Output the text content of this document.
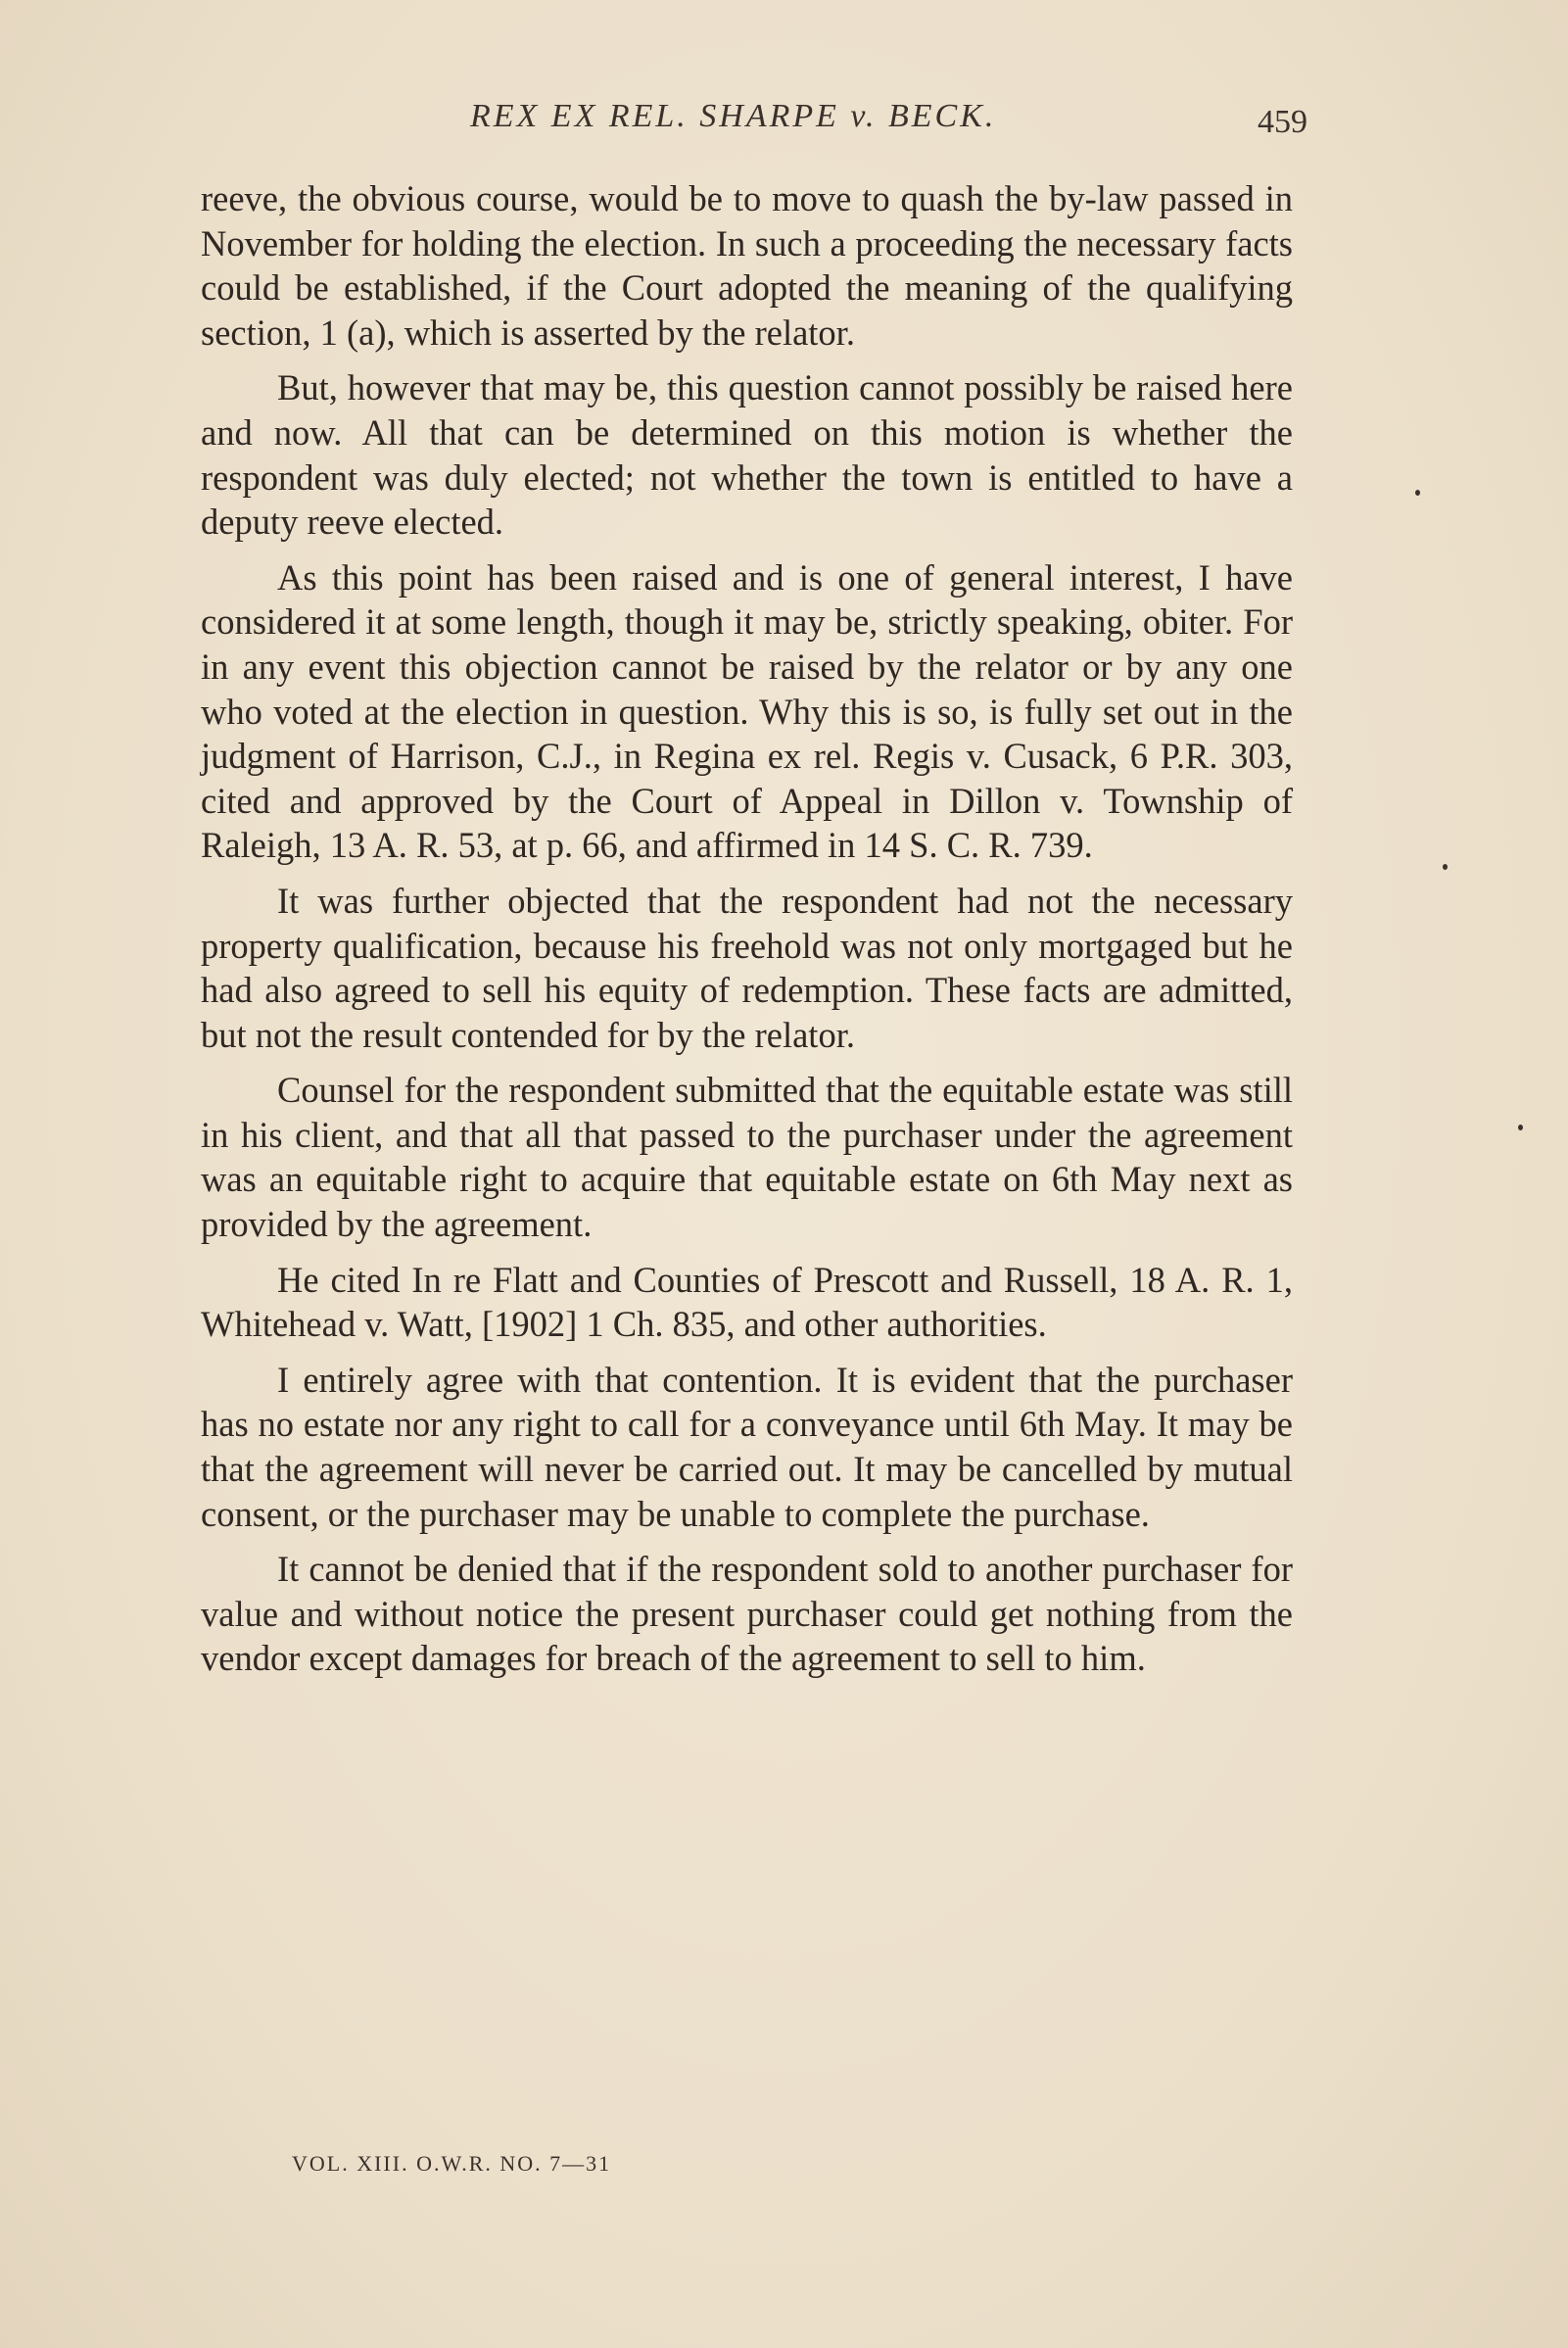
REX EX REL. SHARPE v. BECK.	459

reeve, the obvious course, would be to move to quash the by-law passed in November for holding the election. In such a proceeding the necessary facts could be established, if the Court adopted the meaning of the qualifying section, 1 (a), which is asserted by the relator.

But, however that may be, this question cannot possibly be raised here and now. All that can be determined on this motion is whether the respondent was duly elected; not whether the town is entitled to have a deputy reeve elected.

As this point has been raised and is one of general interest, I have considered it at some length, though it may be, strictly speaking, obiter. For in any event this objection cannot be raised by the relator or by any one who voted at the election in question. Why this is so, is fully set out in the judgment of Harrison, C.J., in Regina ex rel. Regis v. Cusack, 6 P.R. 303, cited and approved by the Court of Appeal in Dillon v. Township of Raleigh, 13 A. R. 53, at p. 66, and affirmed in 14 S. C. R. 739.

It was further objected that the respondent had not the necessary property qualification, because his freehold was not only mortgaged but he had also agreed to sell his equity of redemption. These facts are admitted, but not the result contended for by the relator.

Counsel for the respondent submitted that the equitable estate was still in his client, and that all that passed to the purchaser under the agreement was an equitable right to acquire that equitable estate on 6th May next as provided by the agreement.

He cited In re Flatt and Counties of Prescott and Russell, 18 A. R. 1, Whitehead v. Watt, [1902] 1 Ch. 835, and other authorities.

I entirely agree with that contention. It is evident that the purchaser has no estate nor any right to call for a conveyance until 6th May. It may be that the agreement will never be carried out. It may be cancelled by mutual consent, or the purchaser may be unable to complete the purchase.

It cannot be denied that if the respondent sold to another purchaser for value and without notice the present purchaser could get nothing from the vendor except damages for breach of the agreement to sell to him.

VOL. XIII. O.W.R. NO. 7—31
